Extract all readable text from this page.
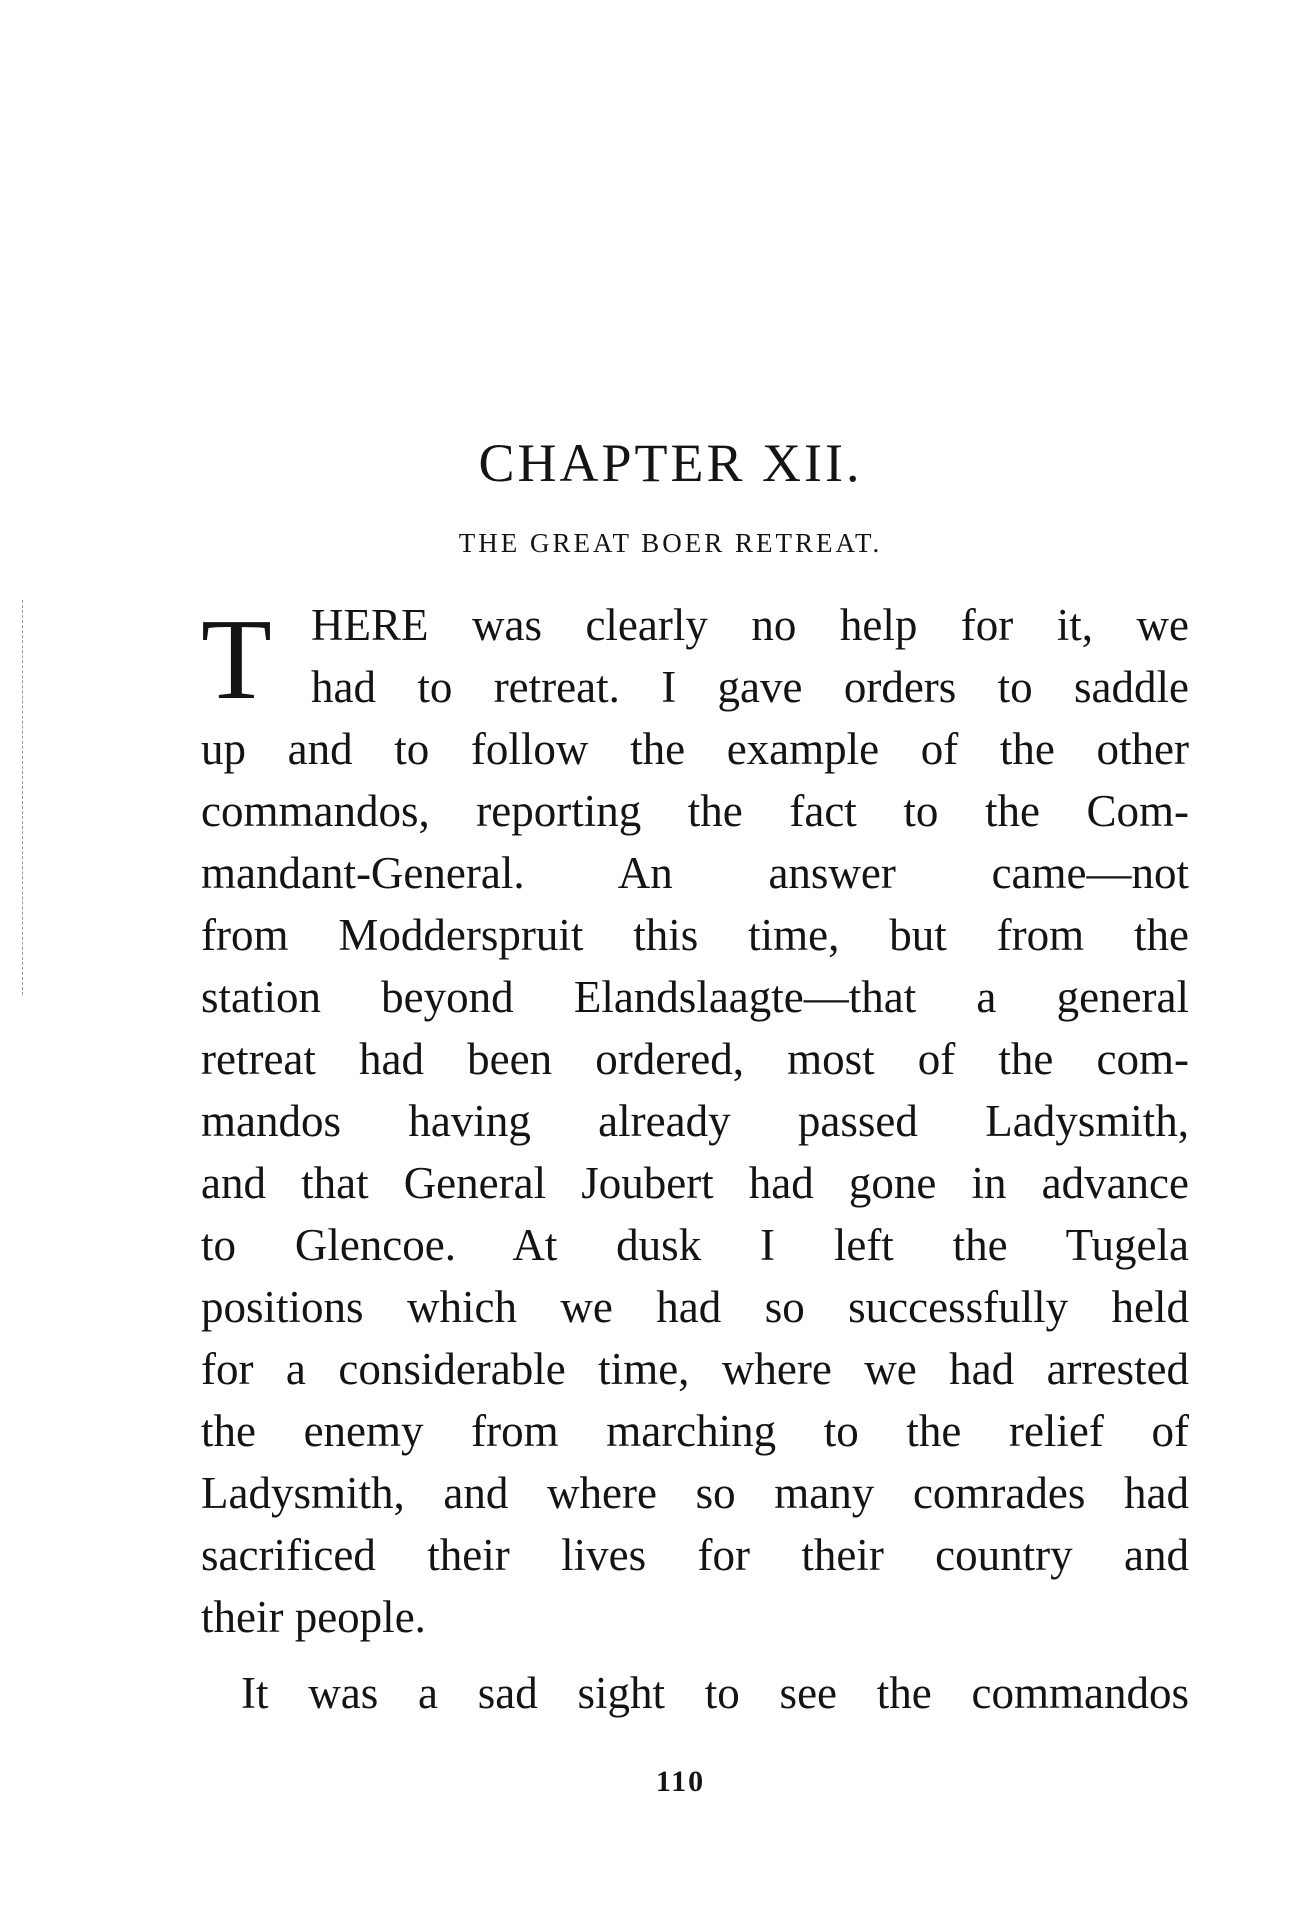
CHAPTER XII.
THE GREAT BOER RETREAT.
T HERE was clearly no help for it, we
had to retreat. I gave orders to saddle
up and to follow the example of the other
commandos, reporting the fact to the Com-
mandant-General. An answer came—not
from Modderspruit this time, but from the
station beyond Elandslaagte—that a general
retreat had been ordered, most of the com-
mandos having already passed Ladysmith,
and that General Joubert had gone in advance
to Glencoe. At dusk I left the Tugela
positions which we had so successfully held
for a considerable time, where we had arrested
the enemy from marching to the relief of
Ladysmith, and where so many comrades had
sacrificed their lives for their country and
their people.
It was a sad sight to see the commandos
110
